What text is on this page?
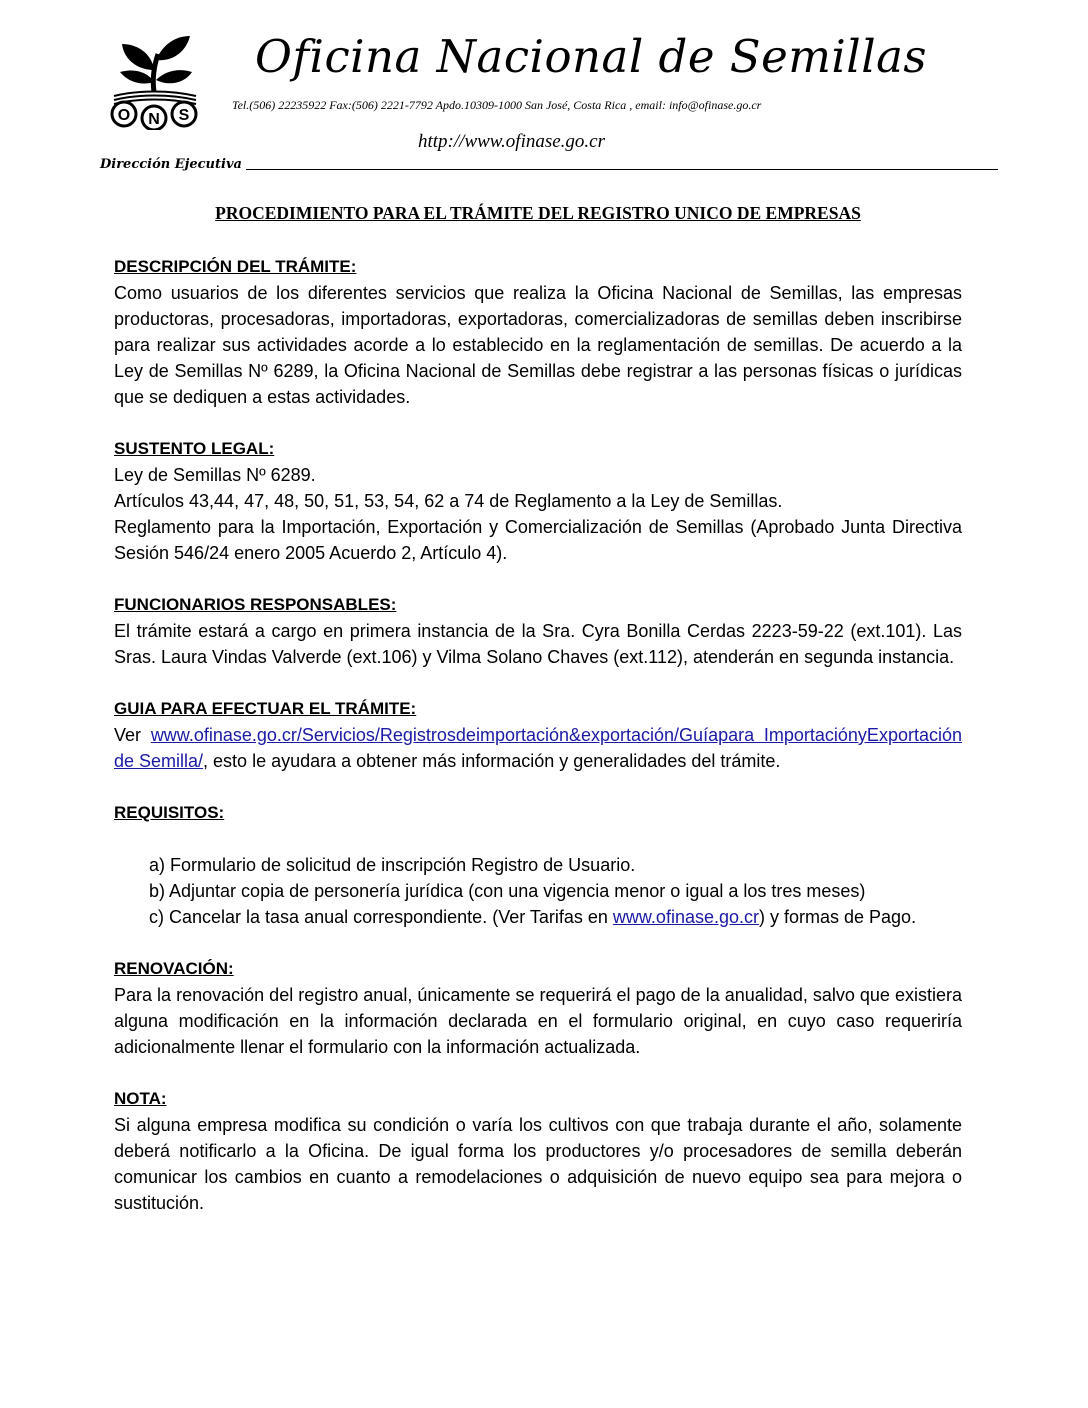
O N S
Oficina Nacional de Semillas
Tel.(506) 22235922 Fax:(506) 2221-7792 Apdo.10309-1000 San José, Costa Rica , email: info@ofinase.go.cr
http://www.ofinase.go.cr
Dirección Ejecutiva
PROCEDIMIENTO PARA EL TRÁMITE DEL REGISTRO UNICO DE EMPRESAS
DESCRIPCIÓN DEL TRÁMITE:

Como usuarios de los diferentes servicios que realiza la Oficina Nacional de Semillas, las empresas productoras, procesadoras, importadoras, exportadoras, comercializadoras de semillas deben inscribirse para realizar sus actividades acorde a lo establecido en la reglamentación de semillas. De acuerdo a la Ley de Semillas Nº 6289, la Oficina Nacional de Semillas debe registrar a las personas físicas o jurídicas que se dediquen a estas actividades.

SUSTENTO LEGAL:
Ley de Semillas Nº 6289.
Artículos 43,44, 47, 48, 50, 51, 53, 54, 62 a 74 de Reglamento a la Ley de Semillas.

Reglamento para la Importación, Exportación y Comercialización de Semillas (Aprobado Junta Directiva Sesión 546/24 enero 2005 Acuerdo 2, Artículo 4).

FUNCIONARIOS RESPONSABLES:

El trámite estará a cargo en primera instancia de la Sra. Cyra Bonilla Cerdas 2223-59-22 (ext.101). Las Sras. Laura Vindas Valverde (ext.106) y Vilma Solano Chaves (ext.112), atenderán en segunda instancia.

GUIA PARA EFECTUAR EL TRÁMITE:

Ver www.ofinase.go.cr/Servicios/Registrosdeimportación&exportación/Guíapara ImportaciónyExportación de Semilla/, esto le ayudara a obtener más información y generalidades del trámite.

REQUISITOS:
a) Formulario de solicitud de inscripción Registro de Usuario.
b) Adjuntar copia de personería jurídica (con una vigencia menor o igual a los tres meses)
c) Cancelar la tasa anual correspondiente. (Ver Tarifas en www.ofinase.go.cr) y formas de Pago.
RENOVACIÓN:

Para la renovación del registro anual, únicamente se requerirá el pago de la anualidad, salvo que existiera alguna modificación en la información declarada en el formulario original, en cuyo caso requeriría adicionalmente llenar el formulario con la información actualizada.

NOTA:

Si alguna empresa modifica su condición o varía los cultivos con que trabaja durante el año, solamente deberá notificarlo a la Oficina. De igual forma los productores y/o procesadores de semilla deberán comunicar los cambios en cuanto a remodelaciones o adquisición de nuevo equipo sea para mejora o sustitución.
